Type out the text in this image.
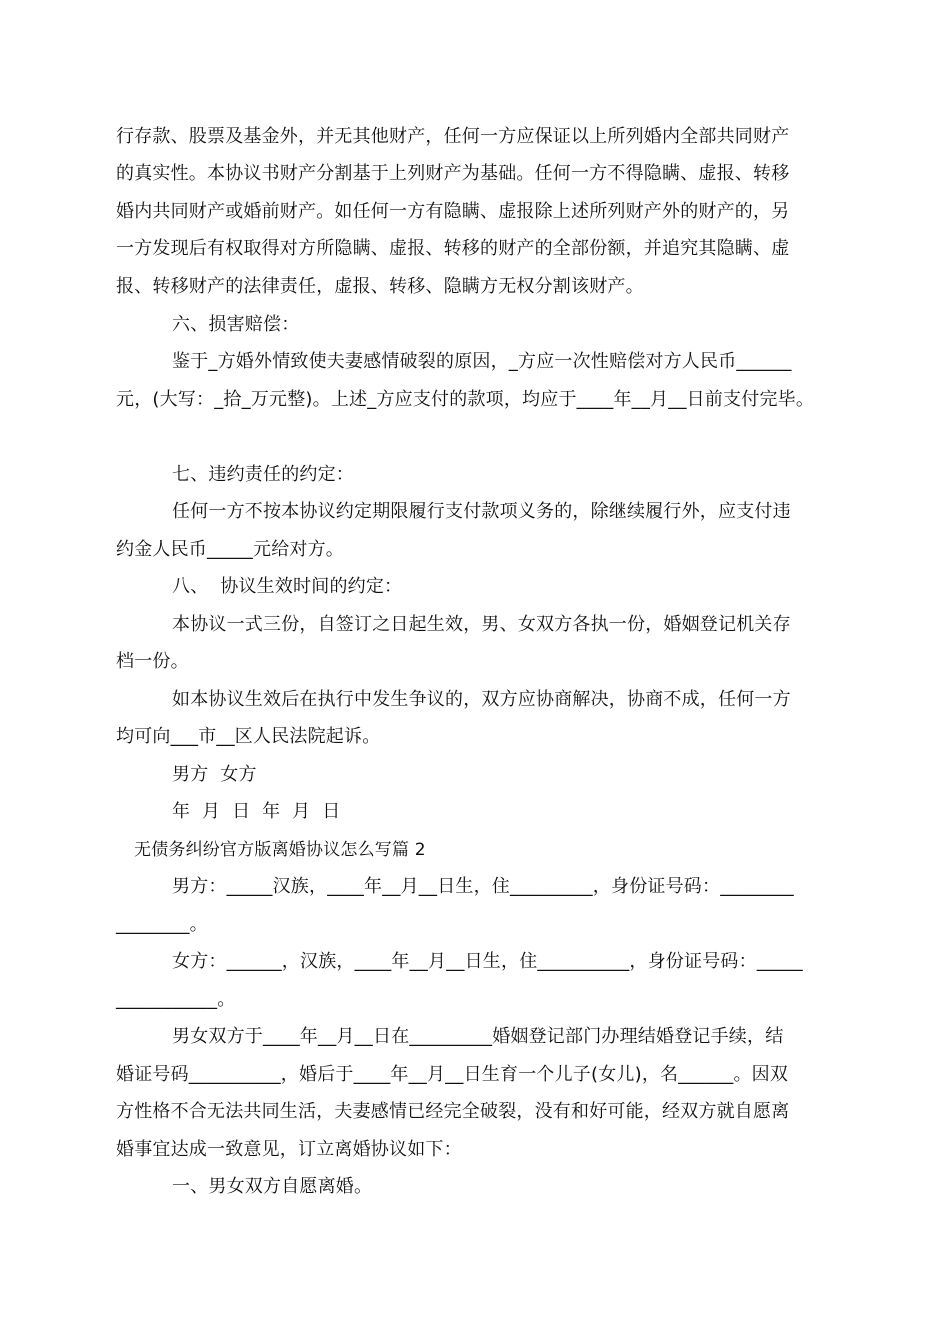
行存款、股票及基金外，并无其他财产，任何一方应保证以上所列婚内全部共同财产
的真实性。本协议书财产分割基于上列财产为基础。任何一方不得隐瞒、虚报、转移
婚内共同财产或婚前财产。如任何一方有隐瞒、虚报除上述所列财产外的财产的，另
一方发现后有权取得对方所隐瞒、虚报、转移的财产的全部份额，并追究其隐瞒、虚
报、转移财产的法律责任，虚报、转移、隐瞒方无权分割该财产。
六、损害赔偿：
鉴于_方婚外情致使夫妻感情破裂的原因，_方应一次性赔偿对方人民币______
元，(大写：_拾_万元整)。上述_方应支付的款项，均应于____年__月__日前支付完毕。
七、违约责任的约定：
任何一方不按本协议约定期限履行支付款项义务的，除继续履行外，应支付违
约金人民币_____元给对方。
八、  协议生效时间的约定：
本协议一式三份，自签订之日起生效，男、女双方各执一份，婚姻登记机关存
档一份。
如本协议生效后在执行中发生争议的，双方应协商解决，协商不成，任何一方
均可向___市__区人民法院起诉。
男方  女方
年  月  日  年  月  日
无债务纠纷官方版离婚协议怎么写篇 2
男方：_____汉族，____年__月__日生，住_________，身份证号码：________
________。
女方：______，汉族，____年__月__日生，住__________，身份证号码：_____
___________。
男女双方于____年__月__日在_________婚姻登记部门办理结婚登记手续，结
婚证号码__________，婚后于____年__月__日生育一个儿子(女儿)，名______。因双
方性格不合无法共同生活，夫妻感情已经完全破裂，没有和好可能，经双方就自愿离
婚事宜达成一致意见，订立离婚协议如下：
一、男女双方自愿离婚。
